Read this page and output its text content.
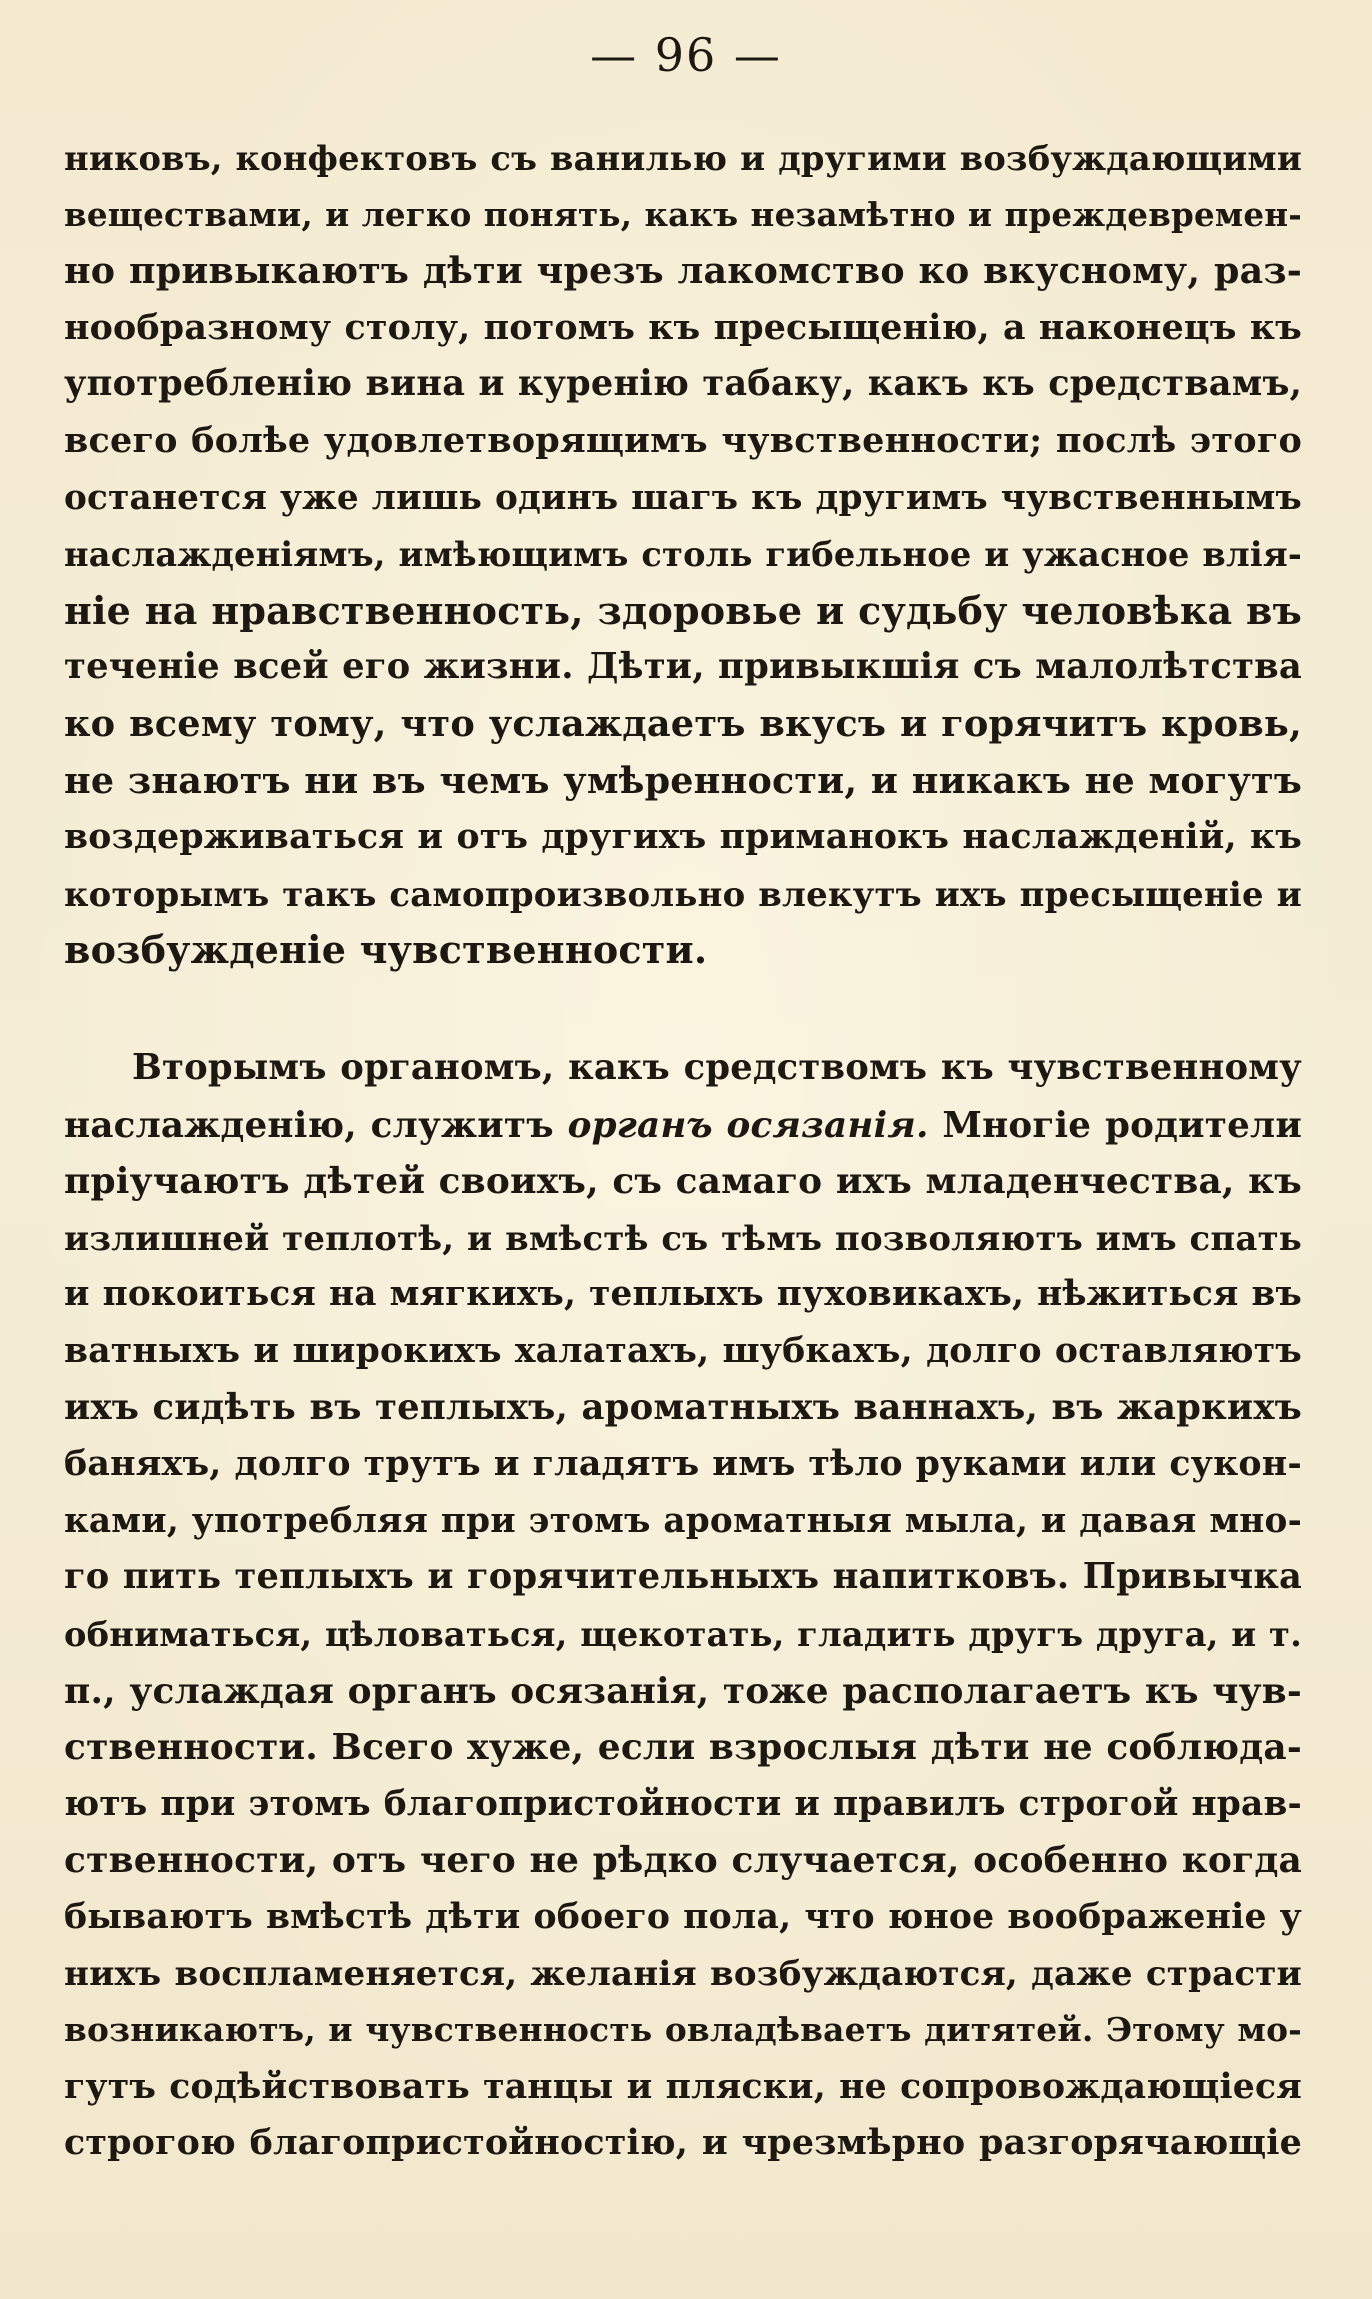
— 96 —
никовъ, конфектовъ съ ванилью и другими возбуждающими
веществами, и легко понять, какъ незамѣтно и преждевремен-
но привыкаютъ дѣти чрезъ лакомство ко вкусному, раз-
нообразному столу, потомъ къ пресыщенію, а наконецъ къ
употребленію вина и куренію табаку, какъ къ средствамъ,
всего болѣе удовлетворящимъ чувственности; послѣ этого
останется уже лишь одинъ шагъ къ другимъ чувственнымъ
наслажденіямъ, имѣющимъ столь гибельное и ужасное влія-
ніе на нравственность, здоровье и судьбу человѣка въ
теченіе всей его жизни. Дѣти, привыкшія съ малолѣтства
ко всему тому, что услаждаетъ вкусъ и горячитъ кровь,
не знаютъ ни въ чемъ умѣренности, и никакъ не могутъ
воздерживаться и отъ другихъ приманокъ наслажденій, къ
которымъ такъ самопроизвольно влекутъ ихъ пресыщеніе и
возбужденіе чувственности.
Вторымъ органомъ, какъ средствомъ къ чувственному
наслажденію, служитъ органъ осязанія. Многіе родители
пріучаютъ дѣтей своихъ, съ самаго ихъ младенчества, къ
излишней теплотѣ, и вмѣстѣ съ тѣмъ позволяютъ имъ спать
и покоиться на мягкихъ, теплыхъ пуховикахъ, нѣжиться въ
ватныхъ и широкихъ халатахъ, шубкахъ, долго оставляютъ
ихъ сидѣть въ теплыхъ, ароматныхъ ваннахъ, въ жаркихъ
баняхъ, долго трутъ и гладятъ имъ тѣло руками или сукон-
ками, употребляя при этомъ ароматныя мыла, и давая мно-
го пить теплыхъ и горячительныхъ напитковъ. Привычка
обниматься, цѣловаться, щекотать, гладить другъ друга, и т.
п., услаждая органъ осязанія, тоже располагаетъ къ чув-
ственности. Всего хуже, если взрослыя дѣти не соблюда-
ютъ при этомъ благопристойности и правилъ строгой нрав-
ственности, отъ чего не рѣдко случается, особенно когда
бываютъ вмѣстѣ дѣти обоего пола, что юное воображеніе у
нихъ воспламеняется, желанія возбуждаются, даже страсти
возникаютъ, и чувственность овладѣваетъ дитятей. Этому мо-
гутъ содѣйствовать танцы и пляски, не сопровождающіеся
строгою благопристойностію, и чрезмѣрно разгорячающіе
